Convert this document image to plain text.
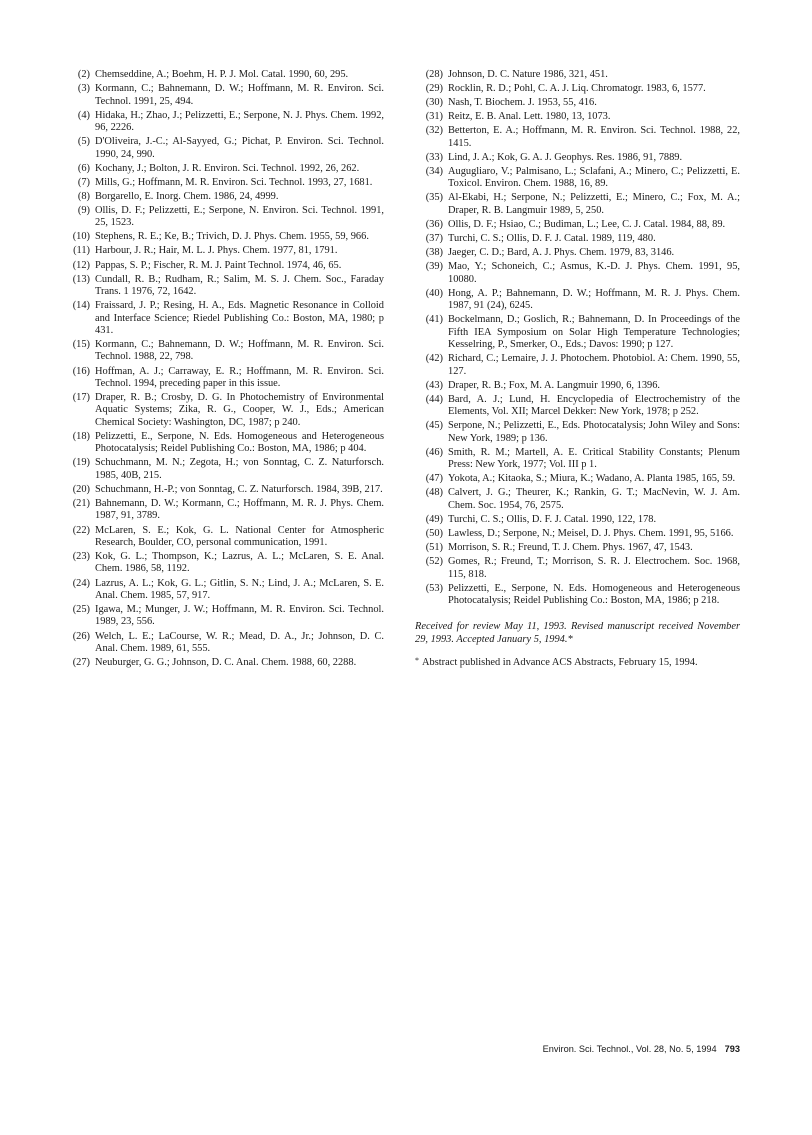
(2) Chemseddine, A.; Boehm, H. P. J. Mol. Catal. 1990, 60, 295.
(3) Kormann, C.; Bahnemann, D. W.; Hoffmann, M. R. Environ. Sci. Technol. 1991, 25, 494.
(4) Hidaka, H.; Zhao, J.; Pelizzetti, E.; Serpone, N. J. Phys. Chem. 1992, 96, 2226.
(5) D'Oliveira, J.-C.; Al-Sayyed, G.; Pichat, P. Environ. Sci. Technol. 1990, 24, 990.
(6) Kochany, J.; Bolton, J. R. Environ. Sci. Technol. 1992, 26, 262.
(7) Mills, G.; Hoffmann, M. R. Environ. Sci. Technol. 1993, 27, 1681.
(8) Borgarello, E. Inorg. Chem. 1986, 24, 4999.
(9) Ollis, D. F.; Pelizzetti, E.; Serpone, N. Environ. Sci. Technol. 1991, 25, 1523.
(10) Stephens, R. E.; Ke, B.; Trivich, D. J. Phys. Chem. 1955, 59, 966.
(11) Harbour, J. R.; Hair, M. L. J. Phys. Chem. 1977, 81, 1791.
(12) Pappas, S. P.; Fischer, R. M. J. Paint Technol. 1974, 46, 65.
(13) Cundall, R. B.; Rudham, R.; Salim, M. S. J. Chem. Soc., Faraday Trans. 1 1976, 72, 1642.
(14) Fraissard, J. P.; Resing, H. A., Eds. Magnetic Resonance in Colloid and Interface Science; Riedel Publishing Co.: Boston, MA, 1980; p 431.
(15) Kormann, C.; Bahnemann, D. W.; Hoffmann, M. R. Environ. Sci. Technol. 1988, 22, 798.
(16) Hoffman, A. J.; Carraway, E. R.; Hoffmann, M. R. Environ. Sci. Technol. 1994, preceding paper in this issue.
(17) Draper, R. B.; Crosby, D. G. In Photochemistry of Environmental Aquatic Systems; Zika, R. G., Cooper, W. J., Eds.; American Chemical Society: Washington, DC, 1987; p 240.
(18) Pelizzetti, E., Serpone, N. Eds. Homogeneous and Heterogeneous Photocatalysis; Reidel Publishing Co.: Boston, MA, 1986; p 404.
(19) Schuchmann, M. N.; Zegota, H.; von Sonntag, C. Z. Naturforsch. 1985, 40B, 215.
(20) Schuchmann, H.-P.; von Sonntag, C. Z. Naturforsch. 1984, 39B, 217.
(21) Bahnemann, D. W.; Kormann, C.; Hoffmann, M. R. J. Phys. Chem. 1987, 91, 3789.
(22) McLaren, S. E.; Kok, G. L. National Center for Atmospheric Research, Boulder, CO, personal communication, 1991.
(23) Kok, G. L.; Thompson, K.; Lazrus, A. L.; McLaren, S. E. Anal. Chem. 1986, 58, 1192.
(24) Lazrus, A. L.; Kok, G. L.; Gitlin, S. N.; Lind, J. A.; McLaren, S. E. Anal. Chem. 1985, 57, 917.
(25) Igawa, M.; Munger, J. W.; Hoffmann, M. R. Environ. Sci. Technol. 1989, 23, 556.
(26) Welch, L. E.; LaCourse, W. R.; Mead, D. A., Jr.; Johnson, D. C. Anal. Chem. 1989, 61, 555.
(27) Neuburger, G. G.; Johnson, D. C. Anal. Chem. 1988, 60, 2288.
(28) Johnson, D. C. Nature 1986, 321, 451.
(29) Rocklin, R. D.; Pohl, C. A. J. Liq. Chromatogr. 1983, 6, 1577.
(30) Nash, T. Biochem. J. 1953, 55, 416.
(31) Reitz, E. B. Anal. Lett. 1980, 13, 1073.
(32) Betterton, E. A.; Hoffmann, M. R. Environ. Sci. Technol. 1988, 22, 1415.
(33) Lind, J. A.; Kok, G. A. J. Geophys. Res. 1986, 91, 7889.
(34) Augugliaro, V.; Palmisano, L.; Sclafani, A.; Minero, C.; Pelizzetti, E. Toxicol. Environ. Chem. 1988, 16, 89.
(35) Al-Ekabi, H.; Serpone, N.; Pelizzetti, E.; Minero, C.; Fox, M. A.; Draper, R. B. Langmuir 1989, 5, 250.
(36) Ollis, D. F.; Hsiao, C.; Budiman, L.; Lee, C. J. Catal. 1984, 88, 89.
(37) Turchi, C. S.; Ollis, D. F. J. Catal. 1989, 119, 480.
(38) Jaeger, C. D.; Bard, A. J. Phys. Chem. 1979, 83, 3146.
(39) Mao, Y.; Schoneich, C.; Asmus, K.-D. J. Phys. Chem. 1991, 95, 10080.
(40) Hong, A. P.; Bahnemann, D. W.; Hoffmann, M. R. J. Phys. Chem. 1987, 91 (24), 6245.
(41) Bockelmann, D.; Goslich, R.; Bahnemann, D. In Proceedings of the Fifth IEA Symposium on Solar High Temperature Technologies; Kesselring, P., Smerker, O., Eds.; Davos: 1990; p 127.
(42) Richard, C.; Lemaire, J. J. Photochem. Photobiol. A: Chem. 1990, 55, 127.
(43) Draper, R. B.; Fox, M. A. Langmuir 1990, 6, 1396.
(44) Bard, A. J.; Lund, H. Encyclopedia of Electrochemistry of the Elements, Vol. XII; Marcel Dekker: New York, 1978; p 252.
(45) Serpone, N.; Pelizzetti, E., Eds. Photocatalysis; John Wiley and Sons: New York, 1989; p 136.
(46) Smith, R. M.; Martell, A. E. Critical Stability Constants; Plenum Press: New York, 1977; Vol. III p 1.
(47) Yokota, A.; Kitaoka, S.; Miura, K.; Wadano, A. Planta 1985, 165, 59.
(48) Calvert, J. G.; Theurer, K.; Rankin, G. T.; MacNevin, W. J. Am. Chem. Soc. 1954, 76, 2575.
(49) Turchi, C. S.; Ollis, D. F. J. Catal. 1990, 122, 178.
(50) Lawless, D.; Serpone, N.; Meisel, D. J. Phys. Chem. 1991, 95, 5166.
(51) Morrison, S. R.; Freund, T. J. Chem. Phys. 1967, 47, 1543.
(52) Gomes, R.; Freund, T.; Morrison, S. R. J. Electrochem. Soc. 1968, 115, 818.
(53) Pelizzetti, E., Serpone, N. Eds. Homogeneous and Heterogeneous Photocatalysis; Reidel Publishing Co.: Boston, MA, 1986; p 218.
Received for review May 11, 1993. Revised manuscript received November 29, 1993. Accepted January 5, 1994.*
* Abstract published in Advance ACS Abstracts, February 15, 1994.
Environ. Sci. Technol., Vol. 28, No. 5, 1994 793
